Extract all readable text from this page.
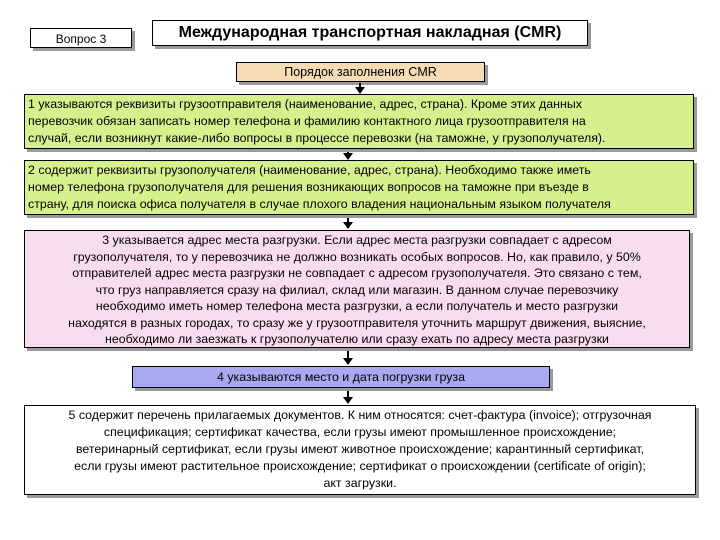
Вопрос 3	Международная транспортная накладная (CMR)
Порядок заполнения CMR
1 указываются реквизиты грузоотправителя (наименование, адрес, страна). Кроме этих данных
перевозчик обязан записать номер телефона и фамилию контактного лица грузоотправителя на
случай, если возникнут какие-либо вопросы в процессе перевозки (на таможне, у грузополучателя).
2 содержит реквизиты грузополучателя (наименование, адрес, страна). Необходимо также иметь
номер телефона грузополучателя для решения возникающих вопросов на таможне при въезде в
страну, для поиска офиса получателя в случае плохого владения национальным языком получателя
3 указывается адрес места разгрузки. Если адрес места разгрузки совпадает с адресом
грузополучателя, то у перевозчика не должно возникать особых вопросов. Но, как правило, у 50%
отправителей адрес места разгрузки не совпадает с адресом грузополучателя. Это связано с тем,
что груз направляется сразу на филиал, склад или магазин. В данном случае перевозчику
необходимо иметь номер телефона места разгрузки, а если получатель и место разгрузки
находятся в разных городах, то сразу же у грузоотправителя уточнить маршрут движения, выясние,
необходимо ли заезжать к грузополучателю или сразу ехать по адресу места разгрузки
4 указываются место и дата погрузки груза
5 содержит перечень прилагаемых документов. К ним относятся: счет-фактура (invoice); отгрузочная
спецификация; сертификат качества, если грузы имеют промышленное происхождение;
ветеринарный сертификат, если грузы имеют животное происхождение; карантинный сертификат,
если грузы имеют растительное происхождение; сертификат о происхождении (certificate of origin);
акт загрузки.
